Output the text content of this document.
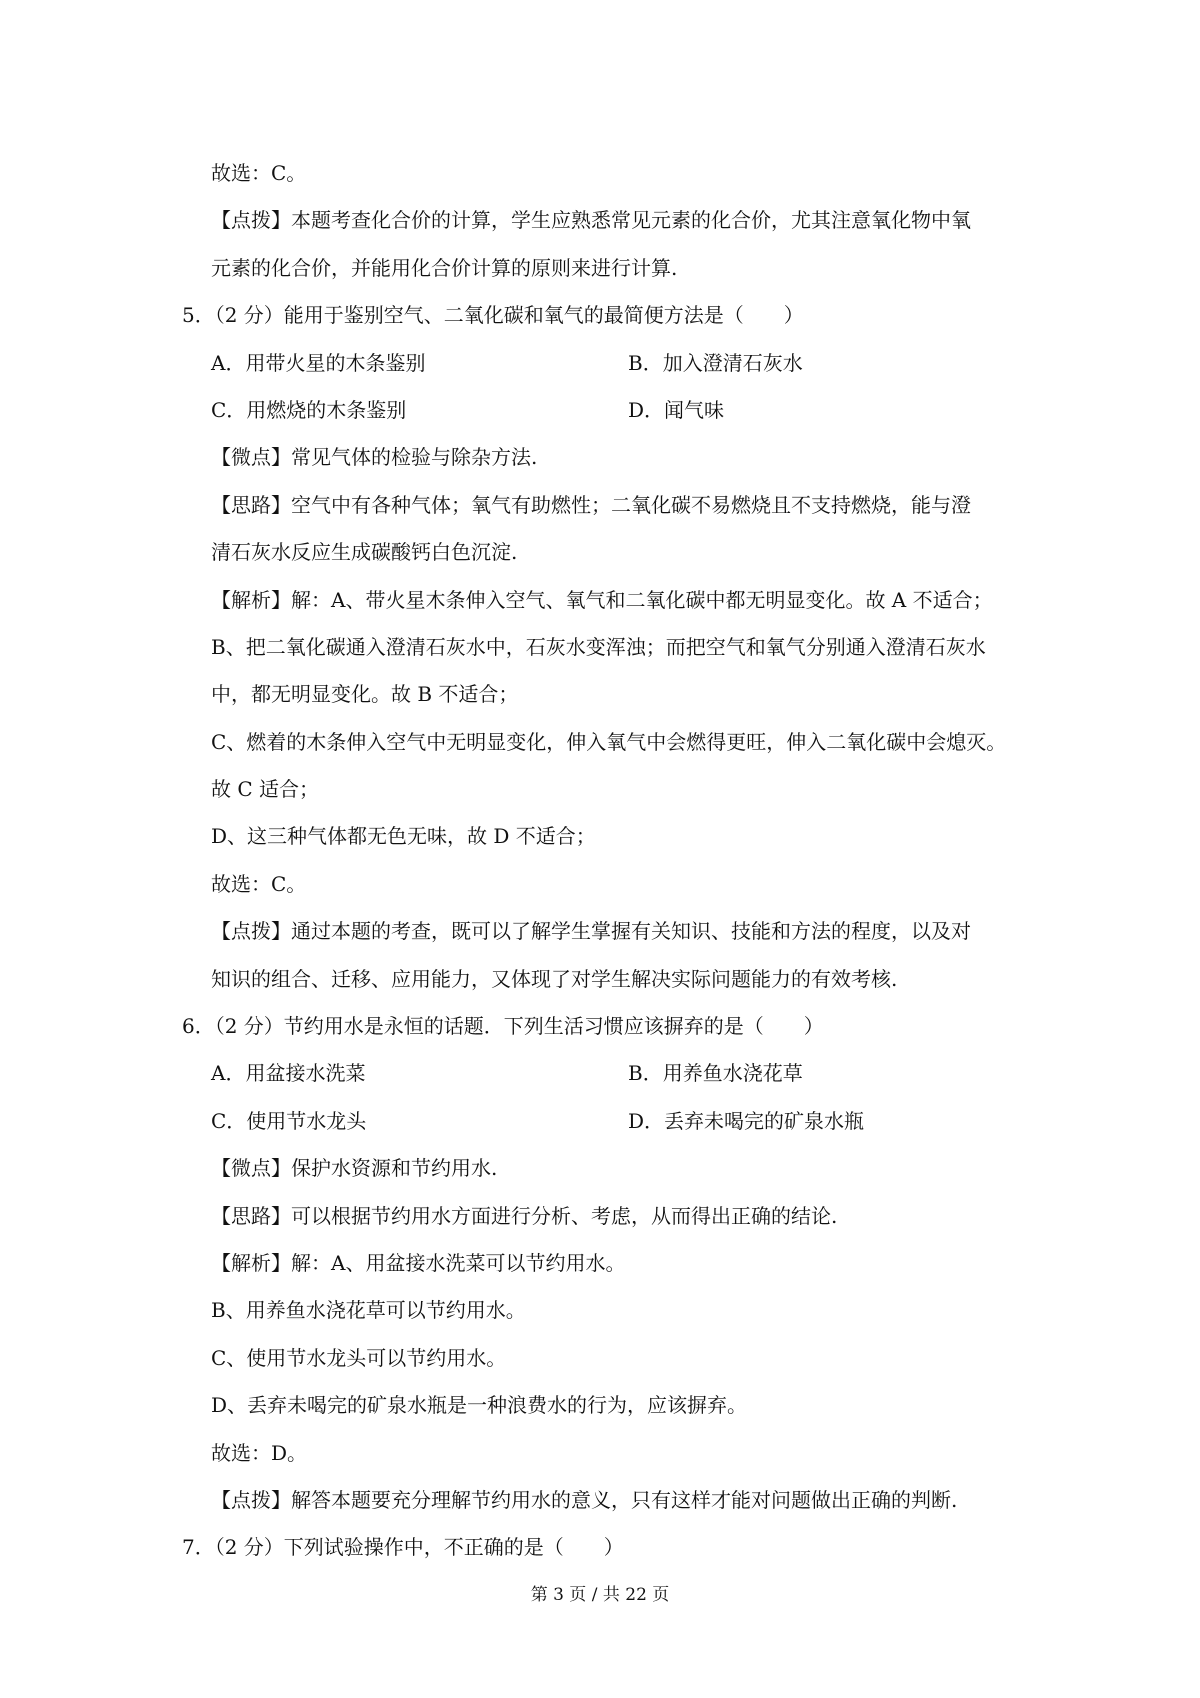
故选：C。
【点拨】本题考查化合价的计算，学生应熟悉常见元素的化合价，尤其注意氧化物中氧
元素的化合价，并能用化合价计算的原则来进行计算.
5．（2 分）能用于鉴别空气、二氧化碳和氧气的最简便方法是（　　）
A．用带火星的木条鉴别	B．加入澄清石灰水
C．用燃烧的木条鉴别	D．闻气味
【微点】常见气体的检验与除杂方法.
【思路】空气中有各种气体；氧气有助燃性；二氧化碳不易燃烧且不支持燃烧，能与澄
清石灰水反应生成碳酸钙白色沉淀.
【解析】解：A、带火星木条伸入空气、氧气和二氧化碳中都无明显变化。故 A 不适合；
B、把二氧化碳通入澄清石灰水中，石灰水变浑浊；而把空气和氧气分别通入澄清石灰水
中，都无明显变化。故 B 不适合；
C、燃着的木条伸入空气中无明显变化，伸入氧气中会燃得更旺，伸入二氧化碳中会熄灭。
故 C 适合；
D、这三种气体都无色无味，故 D 不适合；
故选：C。
【点拨】通过本题的考查，既可以了解学生掌握有关知识、技能和方法的程度，以及对
知识的组合、迁移、应用能力，又体现了对学生解决实际问题能力的有效考核.
6．（2 分）节约用水是永恒的话题．下列生活习惯应该摒弃的是（　　）
A．用盆接水洗菜	B．用养鱼水浇花草
C．使用节水龙头	D．丢弃未喝完的矿泉水瓶
【微点】保护水资源和节约用水.
【思路】可以根据节约用水方面进行分析、考虑，从而得出正确的结论.
【解析】解：A、用盆接水洗菜可以节约用水。
B、用养鱼水浇花草可以节约用水。
C、使用节水龙头可以节约用水。
D、丢弃未喝完的矿泉水瓶是一种浪费水的行为，应该摒弃。
故选：D。
【点拨】解答本题要充分理解节约用水的意义，只有这样才能对问题做出正确的判断.
7．（2 分）下列试验操作中，不正确的是（　　）
第 3 页 / 共 22 页
